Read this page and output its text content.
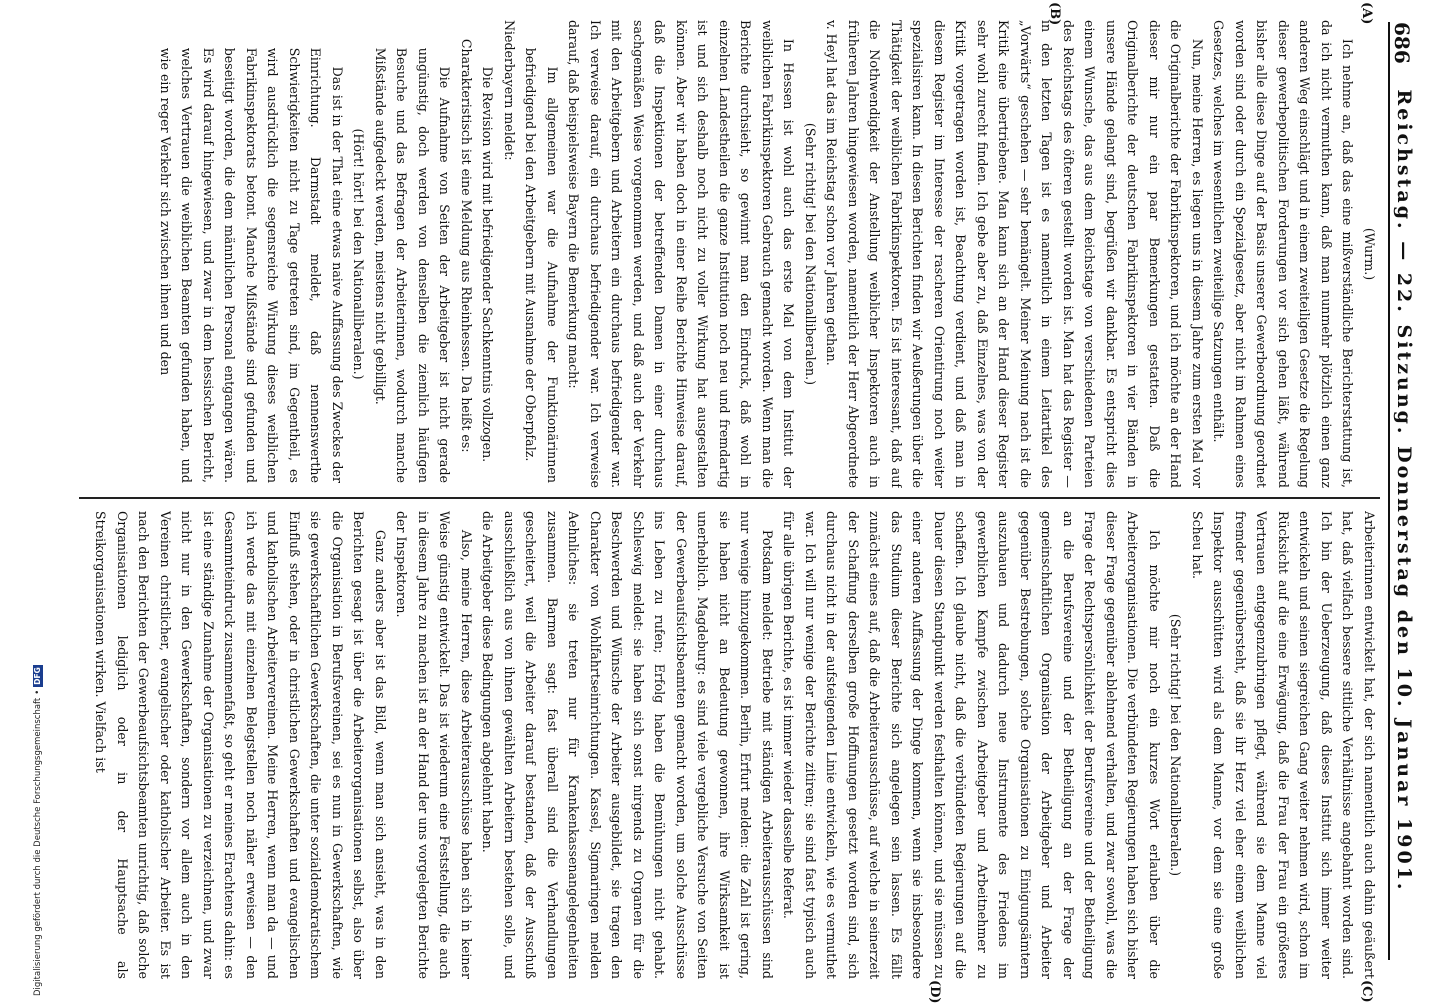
Digitalisierung gefördert durch die Deutsche Forschungsgemeinschaft
•
DFG
686
Reichstag. — 22. Sitzung. Donnerstag den 10. Januar 1901.
(A)
(B)
(C)
(D)

(Wurm.)

Ich nehme an, daß das eine mißverständliche Berichterstattung ist, da ich nicht vermuthen kann, daß man nunmehr plötzlich einen ganz anderen Weg einschlägt und in einem zweiteiligen Gesetze die Regelung dieser gewerbepolitischen Forderungen vor sich gehen läßt, während bisher alle diese Dinge auf der Basis unserer Gewerbeordnung geordnet worden sind oder durch ein Spezialgesetz, aber nicht im Rahmen eines Gesetzes, welches im wesentlichen zweiteilige Satzungen enthält.

Nun, meine Herren, es liegen uns in diesem Jahre zum ersten Mal vor die Originalberichte der Fabrikinspektoren, und ich möchte an der Hand dieser mir nur ein paar Bemerkungen gestatten. Daß die Originalberichte der deutschen Fabrikinspektoren in vier Bänden in unsere Hände gelangt sind, begrüßen wir dankbar. Es entspricht dies einem Wunsche, das aus dem Reichstage von verschiedenen Parteien des Reichstags des öfteren gestellt worden ist. Man hat das Register — in den letzten Tagen ist es namentlich in einem Leitartikel des „Vorwärts“ geschehen — sehr bemängelt. Meiner Meinung nach ist die Kritik eine übertriebene. Man kann sich an der Hand dieser Register sehr wohl zurecht finden. Ich gebe aber zu, daß Einzelnes, was von der Kritik vorgetragen worden ist, Beachtung verdient, und daß man in diesem Register im Interesse der rascheren Orientirung noch weiter spezialisiren kann. In diesen Berichten finden wir Aeußerungen über die Thätigkeit der weiblichen Fabrikinspektoren. Es ist interessant, daß auf die Nothwendigkeit der Anstellung weiblicher Inspektoren auch in früheren Jahren hingewiesen worden, namentlich der Herr Abgeordnete v. Heyl hat das im Reichstag schon vor Jahren gethan.

(Sehr richtig! bei den Nationalliberalen.)

In Hessen ist wohl auch das erste Mal von dem Institut der weiblichen Fabrikinspektoren Gebrauch gemacht worden. Wenn man die Berichte durchsieht, so gewinnt man den Eindruck, daß wohl in einzelnen Landestheilen die ganze Institution noch neu und fremdartig ist und sich deshalb noch nicht zu voller Wirkung hat ausgestalten können. Aber wir haben doch in einer Reihe Berichte Hinweise darauf, daß die Inspektionen der betreffenden Damen in einer durchaus sachgemäßen Weise vorgenommen werden, und daß auch der Verkehr mit den Arbeitgebern und Arbeitern ein durchaus befriedigender war. Ich verweise darauf, ein durchaus befriedigender war. Ich verweise darauf, daß beispielsweise Bayern die Bemerkung macht:

Im allgemeinen war die Aufnahme der Funktionärinnen befriedigend bei den Arbeitgebern mit Ausnahme der Oberpfalz.

Niederbayern meldet:

Die Revision wird mit befriedigender Sachkenntnis vollzogen.

Charakteristisch ist eine Meldung aus Rheinhessen. Da heißt es:

Die Aufnahme von Seiten der Arbeitgeber ist nicht gerade ungünstig, doch werden von denselben die ziemlich häufigen Besuche und das Befragen der Arbeiterinnen, wodurch manche Mißstände aufgedeckt werden, meistens nicht gebilligt.

(Hört! hört! bei den Nationalliberalen.)

Das ist in der That eine etwas naive Auffassung des Zweckes der Einrichtung. Darmstadt meldet, daß nennenswerthe Schwierigkeiten nicht zu Tage getreten sind, im Gegentheil, es wird ausdrücklich die segensreiche Wirkung dieses weiblichen Fabrikinspektorats betont. Manche Mißstände sind gefunden und beseitigt worden, die dem männlichen Personal entgangen wären. Es wird darauf hingewiesen, und zwar in dem hessischen Bericht, welches Vertrauen die weiblichen Beamten gefunden haben, und wie ein reger Verkehr sich zwischen ihnen und den

Arbeiterinnen entwickelt hat, der sich namentlich auch dahin geäußert hat, daß vielfach bessere sittliche Verhältnisse angebahnt worden sind. Ich bin der Ueberzeugung, daß dieses Institut sich immer weiter entwickeln und seinen siegreichen Gang weiter nehmen wird, schon im Rücksicht auf die eine Erwägung, daß die Frau der Frau ein größeres Vertrauen entgegenzubringen pflegt, während sie dem Manne viel fremder gegenübersteht, daß sie ihr Herz viel eher einem weiblichen Inspektor ausschütten wird als dem Manne, vor dem sie eine große Scheu hat.

(Sehr richtig! bei den Nationalliberalen.)

Ich möchte mir noch ein kurzes Wort erlauben über die Arbeiterorganisationen. Die verbündeten Regierungen haben sich bisher dieser Frage gegenüber ablehnend verhalten, und zwar sowohl, was die Frage der Rechtspersönlichkeit der Berufsvereine und der Betheiligung an die Berufsvereine und der Betheiligung an der Frage der gemeinschaftlichen Organisation der Arbeitgeber und Arbeiter gegenüber Bestrebungen, solche Organisationen zu Einigungsämtern auszubauen und dadurch neue Instrumente des Friedens im gewerblichen Kampfe zwischen Arbeitgeber und Arbeitnehmer zu schaffen. Ich glaube nicht, daß die verbündeten Regierungen auf die Dauer diesen Standpunkt werden festhalten können, und sie müssen zu einer anderen Auffassung der Dinge kommen, wenn sie insbesondere das Studium dieser Berichte sich angelegen sein lassen. Es fällt zunächst eines auf, daß die Arbeiterausschüsse, auf welche in seinerzeit der Schaffung derselben große Hoffnungen gesetzt worden sind, sich durchaus nicht in der aufsteigenden Linie entwickeln, wie es vermuthet war. Ich will nur wenige der Berichte zitiren; sie sind fast typisch auch für alle übrigen Berichte, es ist immer wieder dasselbe Referat.

Potsdam meldet: Betriebe mit ständigen Arbeiterausschüssen sind nur wenige hinzugekommen. Berlin, Erfurt melden: die Zahl ist gering, sie haben nicht an Bedeutung gewonnen, ihre Wirksamkeit ist unerheblich. Magdeburg: es sind viele vergebliche Versuche von Seiten der Gewerbeaufsichtsbeamten gemacht worden, um solche Ausschüsse ins Leben zu rufen; Erfolg haben die Bemühungen nicht gehabt. Schleswig meldet: sie haben sich sonst nirgends zu Organen für die Beschwerden und Wünsche der Arbeiter ausgebildet, sie tragen den Charakter von Wohlfahrtseinrichtungen. Kassel, Sigmaringen melden Aehnliches: sie treten nur für Krankenkassenangelegenheiten zusammen. Barmen sagt: fast überall sind die Verhandlungen gescheitert, weil die Arbeiter darauf bestanden, daß der Ausschuß ausschließlich aus von ihnen gewählten Arbeitern bestehen solle, und die Arbeitgeber diese Bedingungen abgelehnt haben.

Also, meine Herren, diese Arbeiterausschüsse haben sich in keiner Weise günstig entwickelt. Das ist wiederum eine Feststellung, die auch in diesem Jahre zu machen ist an der Hand der uns vorgelegten Berichte der Inspektoren.

Ganz anders aber ist das Bild, wenn man sich ansieht, was in den Berichten gesagt ist über die Arbeiterorganisationen selbst, also über die Organisation in Berufsvereinen, sei es nun in Gewerkschaften, wie sie gewerkschaftlichen Gewerkschaften, die unter sozialdemokratischem Einfluß stehen, oder in christlichen Gewerkschaften und evangelischen und katholischen Arbeitervereinen. Meine Herren, wenn man da — und ich werde das mit einzelnen Belegstellen noch näher erweisen — den Gesammteindruck zusammenfaßt, so geht er meines Erachtens dahin: es ist eine ständige Zunahme der Organisationen zu verzeichnen, und zwar nicht nur in den Gewerkschaften, sondern vor allem auch in den Vereinen christlicher, evangelischer oder katholischer Arbeiter. Es ist nach den Berichten der Gewerbeaufsichtsbeamten unrichtig, daß solche Organisationen lediglich oder in der Hauptsache als Streikorganisationen wirken. Vielfach ist
